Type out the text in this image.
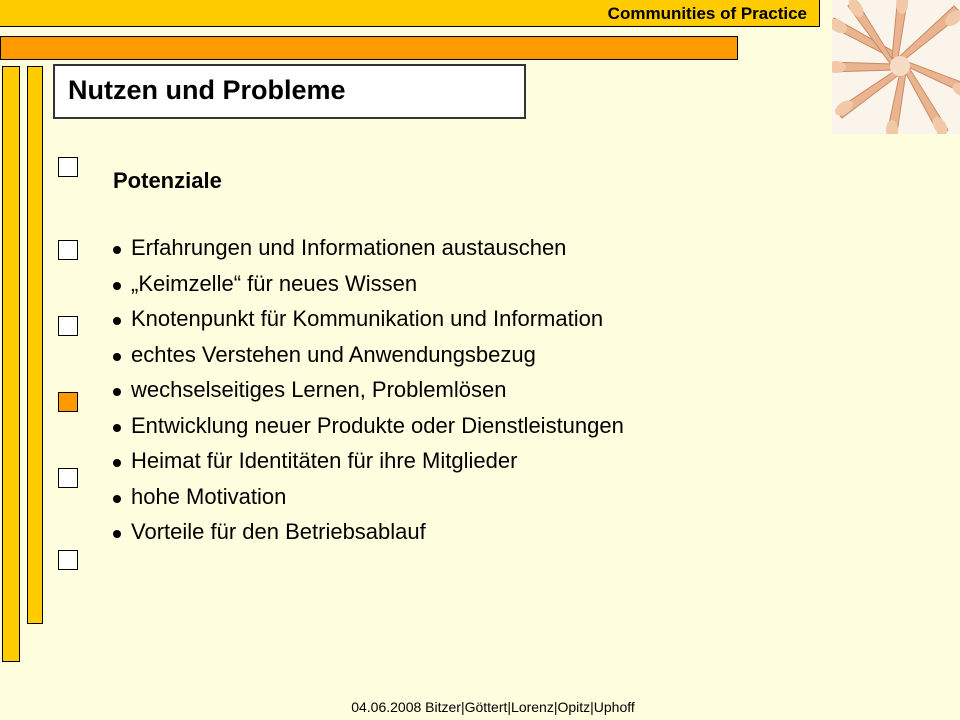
Communities of Practice
Nutzen und Probleme
Potenziale
Erfahrungen und Informationen austauschen
„Keimzelle“ für neues Wissen
Knotenpunkt für Kommunikation und Information
echtes Verstehen und Anwendungsbezug
wechselseitiges Lernen, Problemlösen
Entwicklung neuer Produkte oder Dienstleistungen
Heimat für Identitäten für ihre Mitglieder
hohe Motivation
Vorteile für den Betriebsablauf
04.06.2008 Bitzer|Göttert|Lorenz|Opitz|Uphoff
